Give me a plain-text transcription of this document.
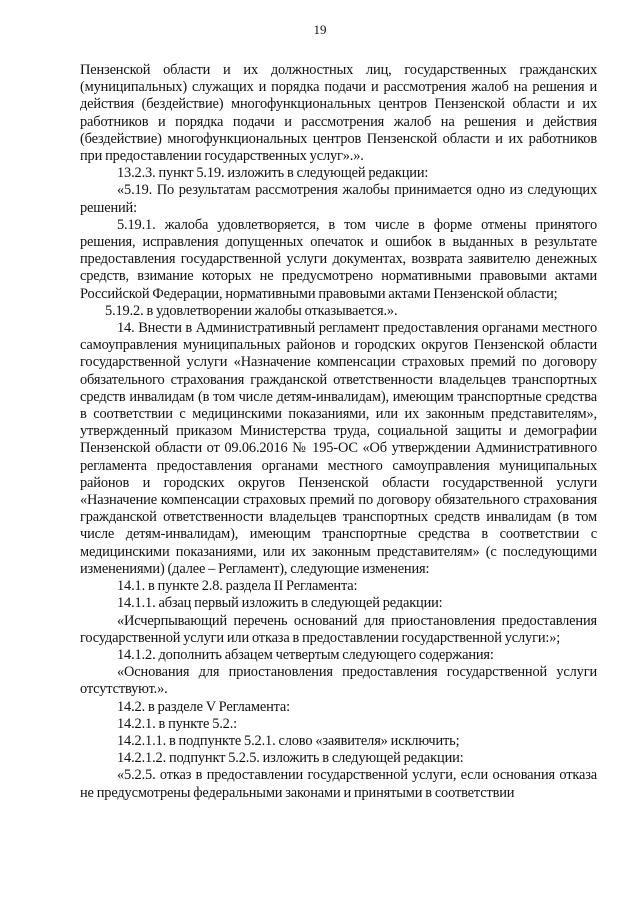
19

Пензенской области и их должностных лиц, государственных гражданских (муниципальных) служащих и порядка подачи и рассмотрения жалоб на решения и действия (бездействие) многофункциональных центров Пензенской области и их работников и порядка подачи и рассмотрения жалоб на решения и действия (бездействие) многофункциональных центров Пензенской области и их работников при предоставлении государственных услуг».».

13.2.3. пункт 5.19. изложить в следующей редакции:

«5.19. По результатам рассмотрения жалобы принимается одно из следующих решений:

5.19.1. жалоба удовлетворяется, в том числе в форме отмены принятого решения, исправления допущенных опечаток и ошибок в выданных в результате предоставления государственной услуги документах, возврата заявителю денежных средств, взимание которых не предусмотрено нормативными правовыми актами Российской Федерации, нормативными правовыми актами Пензенской области;

5.19.2. в удовлетворении жалобы отказывается.».

14. Внести в Административный регламент предоставления органами местного самоуправления муниципальных районов и городских округов Пензенской области государственной услуги «Назначение компенсации страховых премий по договору обязательного страхования гражданской ответственности владельцев транспортных средств инвалидам (в том числе детям-инвалидам), имеющим транспортные средства в соответствии с медицинскими показаниями, или их законным представителям», утвержденный приказом Министерства труда, социальной защиты и демографии Пензенской области от 09.06.2016 № 195-ОС «Об утверждении Административного регламента предоставления органами местного самоуправления муниципальных районов и городских округов Пензенской области государственной услуги «Назначение компенсации страховых премий по договору обязательного страхования гражданской ответственности владельцев транспортных средств инвалидам (в том числе детям-инвалидам), имеющим транспортные средства в соответствии с медицинскими показаниями, или их законным представителям» (с последующими изменениями) (далее – Регламент), следующие изменения:

14.1. в пункте 2.8. раздела II Регламента:

14.1.1. абзац первый изложить в следующей редакции:

«Исчерпывающий перечень оснований для приостановления предоставления государственной услуги или отказа в предоставлении государственной услуги:»;

14.1.2. дополнить абзацем четвертым следующего содержания:

«Основания для приостановления предоставления государственной услуги отсутствуют.».

14.2. в разделе V Регламента:

14.2.1. в пункте 5.2.:

14.2.1.1. в подпункте 5.2.1. слово «заявителя» исключить;

14.2.1.2. подпункт 5.2.5. изложить в следующей редакции:

«5.2.5. отказ в предоставлении государственной услуги, если основания отказа не предусмотрены федеральными законами и принятыми в соответствии
